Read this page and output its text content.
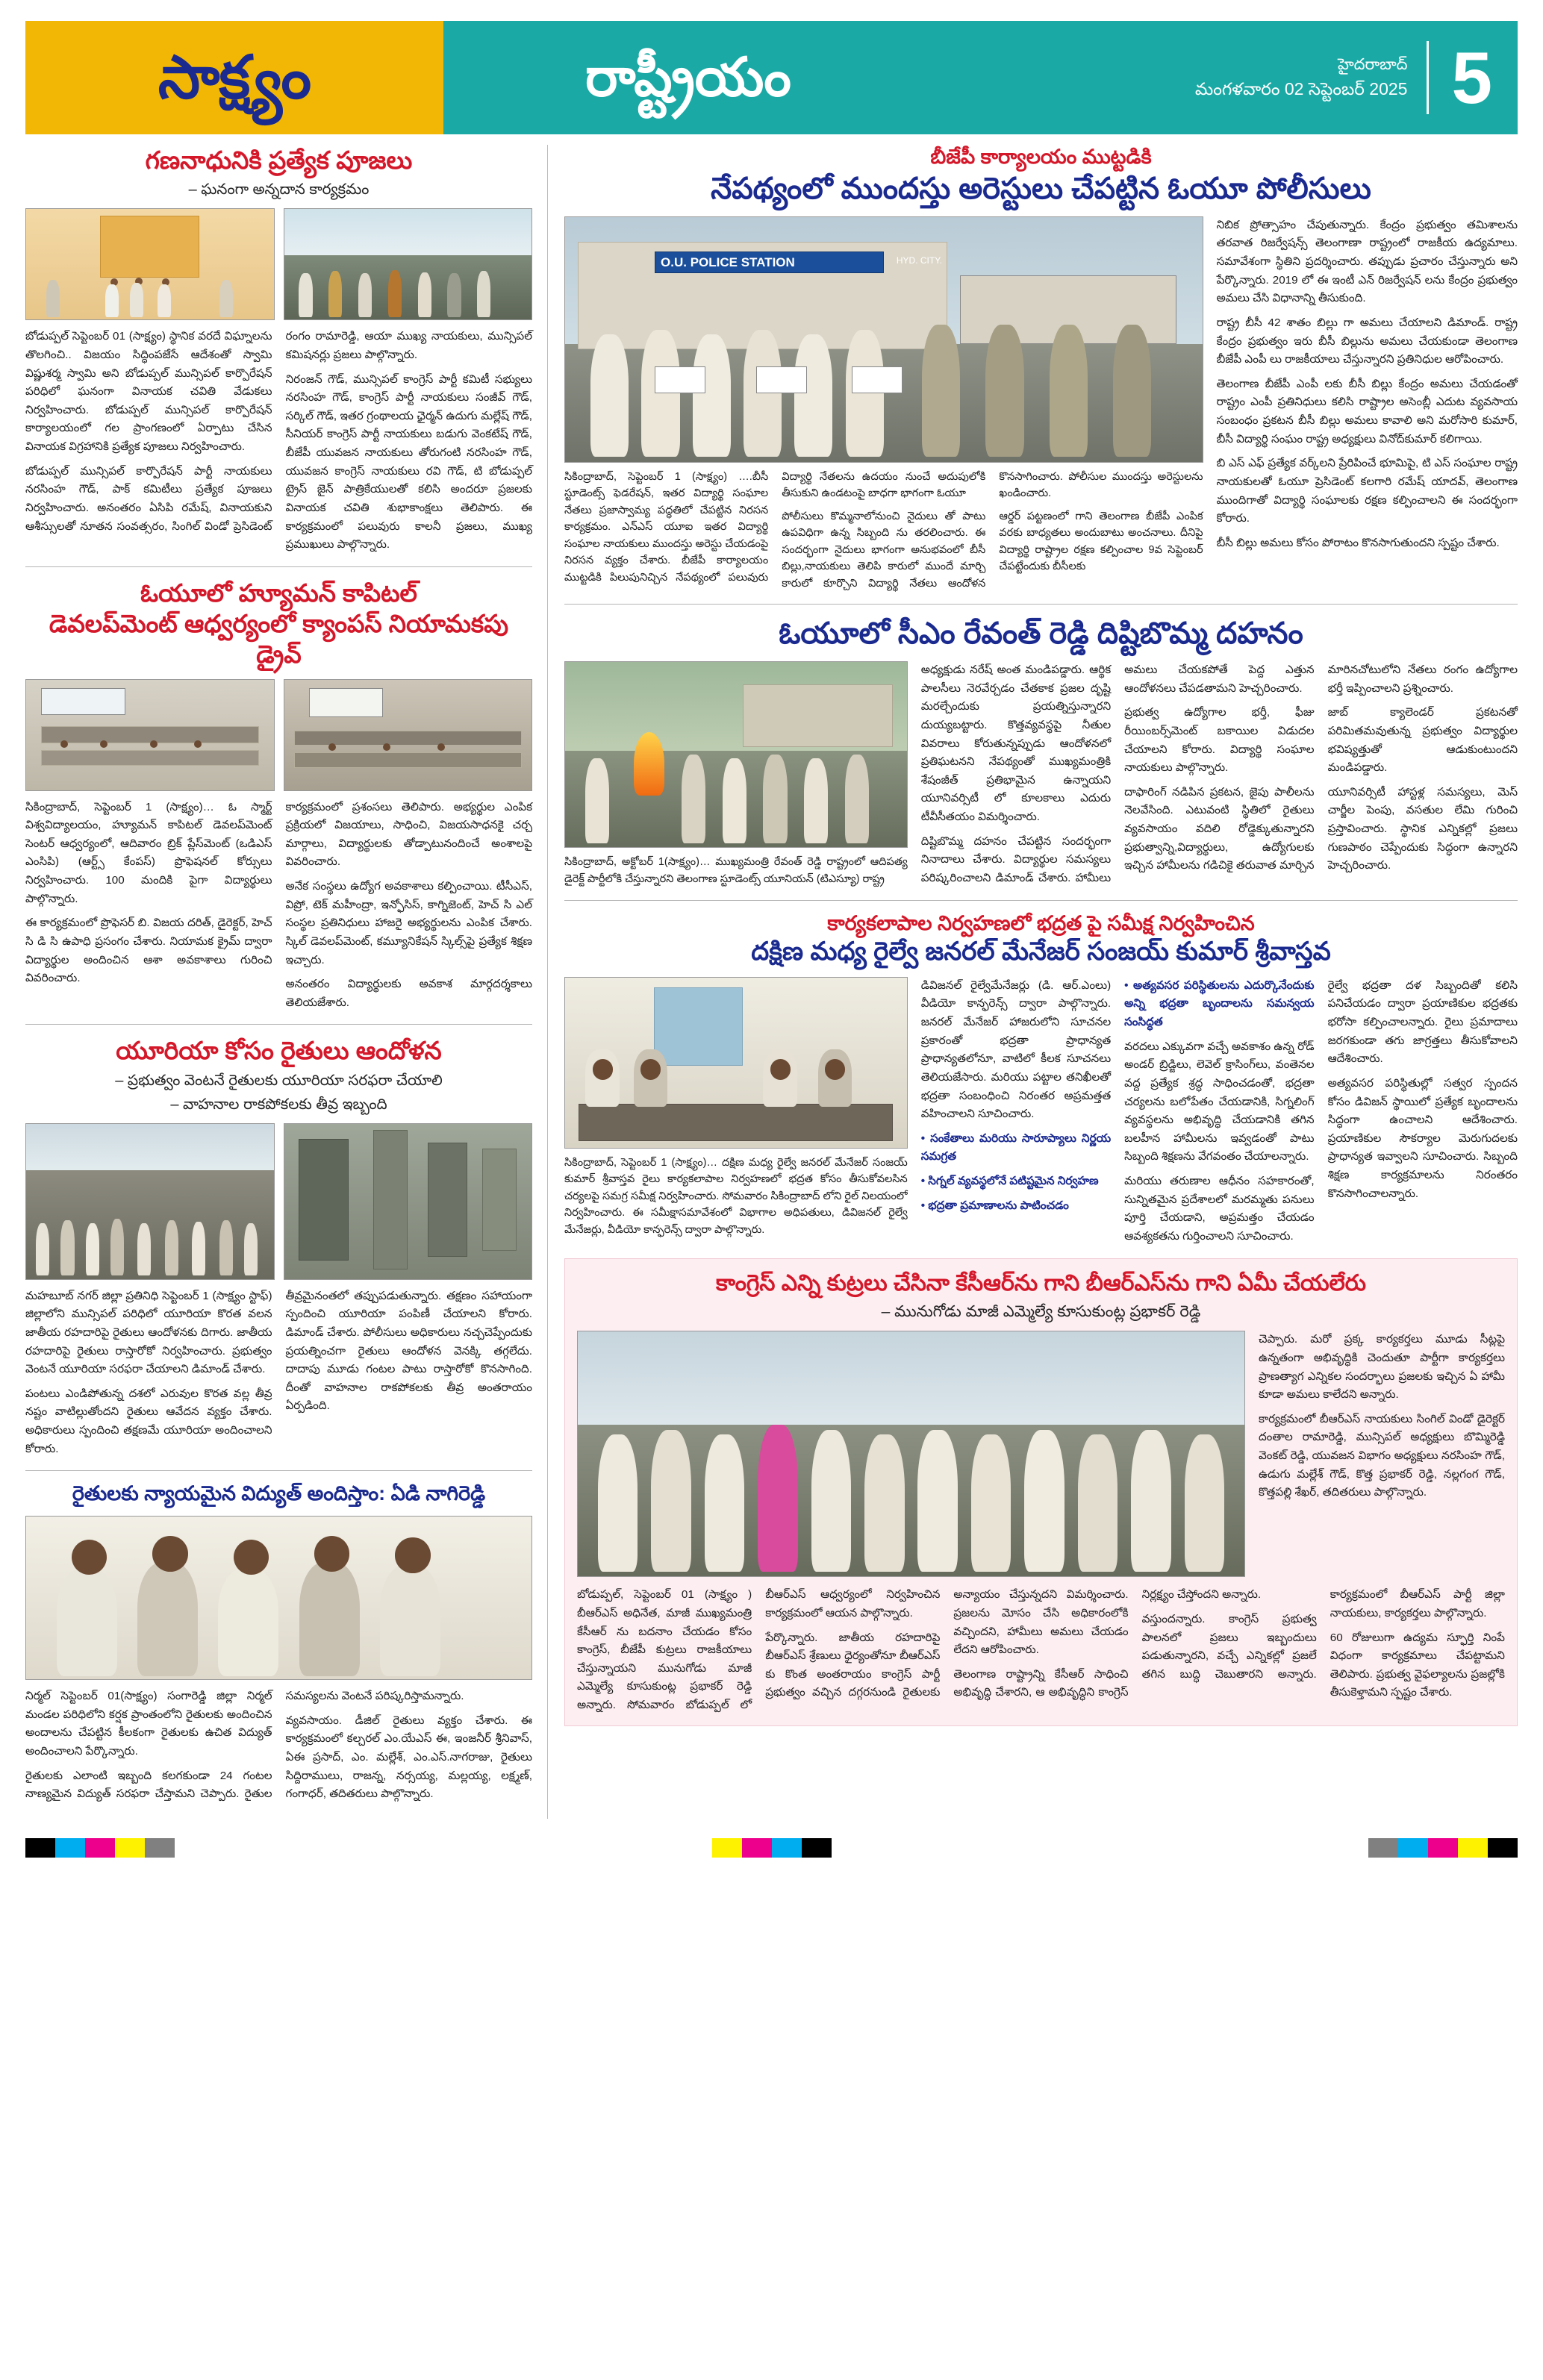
సాక్ష్యం	రాష్ట్రీయం	హైదరాబాద్
మంగళవారం 02 సెప్టెంబర్ 2025 5
గణనాధునికి ప్రత్యేక పూజలు
– ఘనంగా అన్నదాన కార్యక్రమం

బోడుప్పల్ సెప్టెంబర్ 01 (సాక్ష్యం) స్థానిక వరదే విఘ్నాలను తొలగించి.. విజయం సిద్ధింపజేసే ఆదేశంతో స్వామి విష్ణుశర్మ స్వామి అని బోడుప్పల్ మున్సిపల్ కార్పొరేషన్ పరిధిలో ఘనంగా వినాయక చవితి వేడుకలు నిర్వహించారు. బోడుప్పల్ మున్సిపల్ కార్పొరేషన్ కార్యాలయంలో గల ప్రాంగణంలో ఏర్పాటు చేసిన వినాయక విగ్రహానికి ప్రత్యేక పూజలు నిర్వహించారు.

బోడుప్పల్ మున్సిపల్ కార్పొరేషన్ పార్టీ నాయకులు నరసింహ గౌడ్, పాక్ కమిటీలు ప్రత్యేక పూజలు నిర్వహించారు. అనంతరం ఏసిపి రమేష్, వినాయకుని ఆశీస్సులతో నూతన సంవత్సరం, సింగిల్ విండో ప్రెసిడెంట్ రంగం రామారెడ్డి, ఆయా ముఖ్య నాయకులు, మున్సిపల్ కమిషనర్లు ప్రజలు పాల్గొన్నారు.

నిరంజన్ గౌడ్, మున్సిపల్ కాంగ్రెస్ పార్టీ కమిటీ సభ్యులు నరసింహ గౌడ్, కాంగ్రెస్ పార్టీ నాయకులు సంజీవ్ గౌడ్, సర్కిల్ గౌడ్, ఇతర గ్రంథాలయ ఛైర్మన్ ఉదుగు మల్లేష్ గౌడ్, సీనియర్ కాంగ్రెస్ పార్టీ నాయకులు బడుగు వెంకటేష్ గౌడ్, బీజేపీ యువజన నాయకులు తోరుగంటి నరసింహ గౌడ్, యువజన కాంగ్రెస్ నాయకులు రవి గౌడ్, టి బోడుప్పల్ ట్రైస్ జైన్ పాత్రికేయులతో కలిసి అందరూ ప్రజలకు వినాయక చవితి శుభాకాంక్షలు తెలిపారు. ఈ కార్యక్రమంలో పలువురు కాలనీ ప్రజలు, ముఖ్య ప్రముఖులు పాల్గొన్నారు.

ఓయూలో హ్యూమన్ కాపిటల్
డెవలప్‌మెంట్ ఆధ్వర్యంలో క్యాంపస్ నియామకపు డ్రైవ్

సికింద్రాబాద్, సెప్టెంబర్ 1 (సాక్ష్యం)… ఓ స్మార్ట్ విశ్వవిద్యాలయం, హ్యూమన్ కాపిటల్ డెవలప్‌మెంట్ సెంటర్ ఆధ్వర్యంలో, ఆదివారం బ్రిక్ ప్లేస్‌మెంట్ (ఒడిఎస్ ఎంసిపి) (ఆర్ట్స్ కేంపస్) ప్రొఫెషనల్ కోర్సులు నిర్వహించారు. 100 మందికి పైగా విద్యార్థులు పాల్గొన్నారు.

ఈ కార్యక్రమంలో ప్రొఫెసర్ బి. విజయ దరిత్, డైరెక్టర్, హెచ్ సి డి సి ఉపాధి ప్రసంగం చేశారు. నియామక క్రైమ్ ద్వారా విద్యార్థుల అందించిన ఆశా అవకాశాలు గురించి వివరించారు.

కార్యక్రమంలో ప్రశంసలు తెలిపారు. అభ్యర్థుల ఎంపిక ప్రక్రియలో విజయాలు, సాధించి, విజయసాధనకై చర్చ మార్గాలు, విద్యార్థులకు తోడ్పాటునందించే అంశాలపై వివరించారు.

అనేక సంస్థలు ఉద్యోగ అవకాశాలు కల్పించాయి. టీసీఎస్, విప్రో, టెక్ మహీంద్రా, ఇన్ఫోసిస్, కాగ్నిజెంట్, హెచ్ సి ఎల్ సంస్థల ప్రతినిధులు హాజరై అభ్యర్థులను ఎంపిక చేశారు. స్కిల్ డెవలప్‌మెంట్, కమ్యూనికేషన్ స్కిల్స్‌పై ప్రత్యేక శిక్షణ ఇచ్చారు.

అనంతరం విద్యార్థులకు అవకాశ మార్గదర్శకాలు తెలియజేశారు.

యూరియా కోసం రైతులు ఆందోళన
– ప్రభుత్వం వెంటనే రైతులకు యూరియా సరఫరా చేయాలి
– వాహనాల రాకపోకలకు తీవ్ర ఇబ్బంది

మహబూబ్ నగర్ జిల్లా ప్రతినిధి సెప్టెంబర్ 1 (సాక్ష్యం స్టాఫ్) జిల్లాలోని మున్సిపల్ పరిధిలో యూరియా కొరత వలన జాతీయ రహదారిపై రైతులు ఆందోళనకు దిగారు. జాతీయ రహదారిపై రైతులు రాస్తారోకో నిర్వహించారు. ప్రభుత్వం వెంటనే యూరియా సరఫరా చేయాలని డిమాండ్ చేశారు.

పంటలు ఎండిపోతున్న దశలో ఎరువుల కొరత వల్ల తీవ్ర నష్టం వాటిల్లుతోందని రైతులు ఆవేదన వ్యక్తం చేశారు. అధికారులు స్పందించి తక్షణమే యూరియా అందించాలని కోరారు.

తీవ్రమైనంతలో తప్పుపడుతున్నారు. తక్షణం సహాయంగా స్పందించి యూరియా పంపిణీ చేయాలని కోరారు. డిమాండ్ చేశారు. పోలీసులు అధికారులు నచ్చచెప్పేందుకు ప్రయత్నించగా రైతులు ఆందోళన వెనక్కి తగ్గలేదు. దాదాపు మూడు గంటల పాటు రాస్తారోకో కొనసాగింది. దీంతో వాహనాల రాకపోకలకు తీవ్ర అంతరాయం ఏర్పడింది.

రైతులకు న్యాయమైన విద్యుత్ అందిస్తాం: ఏడి నాగిరెడ్డి

నిర్మల్ సెప్టెంబర్ 01(సాక్ష్యం) సంగారెడ్డి జిల్లా నిర్మల్ మండల పరిధిలోని కర్షక ప్రాంతంలోని రైతులకు అందించిన అందాలను చేపట్టిన కీలకంగా రైతులకు ఉచిత విద్యుత్ అందించాలని పేర్కొన్నారు.

రైతులకు ఎలాంటి ఇబ్బంది కలగకుండా 24 గంటల నాణ్యమైన విద్యుత్ సరఫరా చేస్తామని చెప్పారు. రైతుల సమస్యలను వెంటనే పరిష్కరిస్తామన్నారు.

వ్యవసాయం. డీజిల్ రైతులు వ్యక్తం చేశారు. ఈ కార్యక్రమంలో కల్చరల్ ఎం.యేఎస్ ఈ, ఇంజనీర్ శ్రీనివాస్, ఏఈ ప్రసాద్, ఎం. మల్లేశ్, ఎం.ఎస్.నాగరాజు, రైతులు సిద్దిరాములు, రాజన్న, నర్సయ్య, మల్లయ్య, లక్ష్మణ్, గంగాధర్, తదితరులు పాల్గొన్నారు.

బీజేపీ కార్యాలయం ముట్టడికి
నేపథ్యంలో ముందస్తు అరెస్టులు చేపట్టిన ఓయూ పోలీసులు
O.U. POLICE STATION	HYD. CITY.

సికింద్రాబాద్, సెప్టెంబర్ 1 (సాక్ష్యం) ….బీసీ స్టూడెంట్స్ ఫెడరేషన్, ఇతర విద్యార్థి సంఘాల నేతలు ప్రజాస్వామ్య పద్ధతిలో చేపట్టిన నిరసన కార్యక్రమం. ఎన్ఎస్ యూఐ ఇతర విద్యార్థి సంఘాల నాయకులు ముందస్తు అరెస్టు చేయడంపై నిరసన వ్యక్తం చేశారు. బీజేపీ కార్యాలయం ముట్టడికి పిలుపునిచ్చిన నేపథ్యంలో పలువురు విద్యార్థి నేతలను ఉదయం నుంచే అదుపులోకి తీసుకుని ఉండటంపై బాధగా భాగంగా ఓయూ

పోలీసులు కొమ్మనాలోనుంచి నైదులు తో పాటు ఉపవిధిగా ఉన్న సిబ్బంది ను తరలించారు. ఈ సందర్భంగా నైదులు భాగంగా అనుభవంలో బీసీ బిల్లు,నాయకులు తెలిపి కారులో ముందే మార్చి కారులో కూర్చొని విద్యార్థి నేతలు ఆందోళన కొనసాగించారు. పోలీసుల ముందస్తు అరెస్టులను ఖండించారు.

ఆర్డర్ పట్టణంలో గాని తెలంగాణ బీజేపీ ఎంపిక వరకు బాధ్యతలు అందుబాటు అంచనాలు. దీనిపై విద్యార్థి రాష్ట్రాల రక్షణ కల్పించాల 9వ సెప్టెంబర్ చేపట్టేందుకు బీసీలకు

నిబిక ప్రోత్సాహం చేపుతున్నారు. కేంద్రం ప్రభుత్వం తమిశాలను తరవాత రిజర్వేషన్స్ తెలంగాణా రాష్ట్రంలో రాజకీయ ఉద్యమాలు. సమావేశంగా స్థితిని ప్రదర్శించారు. తప్పుడు ప్రచారం చేస్తున్నారు అని పేర్కొన్నారు. 2019 లో ఈ ఇంటీ ఎన్ రిజర్వేషన్ లను కేంద్రం ప్రభుత్వం అమలు చేసి విధానాన్ని తీసుకుంది.

రాష్ట్ర బీసీ 42 శాతం బిల్లు గా అమలు చేయాలని డిమాండ్. రాష్ట్ర కేంద్రం ప్రభుత్వం ఇరు బీసీ బిల్లును అమలు చేయకుండా తెలంగాణ బీజేపీ ఎంపీ లు రాజకీయాలు చేస్తున్నారని ప్రతినిధుల ఆరోపించారు.

తెలంగాణ బీజేపీ ఎంపీ లకు బీసీ బిల్లు కేంద్రం అమలు చేయడంతో రాష్ట్రం ఎంపీ ప్రతినిధులు కలిసి రాష్ట్రాల అసెంబ్లీ ఎదుట వ్యవసాయ సంబంధం ప్రకటన బీసీ బిల్లు అమలు కావాలి అని మరోసారి కుమార్, బీసీ విద్యార్థి సంఘం రాష్ట్ర అధ్యక్షులు వినోద్‌కుమార్ కలిగాయి.

బి ఎస్ ఎఫ్ ప్రత్యేక వర్క్‌లని ప్రేరిపించే భూమిపై, టి ఎస్ సంఘాల రాష్ట్ర నాయకులతో ఓయూ ప్రెసిడెంట్ కలగారి రమేష్ యాదవ్, తెలంగాణ ముందిగాతో విద్యార్థి సంఘాలకు రక్షణ కల్పించాలని ఈ సందర్భంగా కోరారు.

బీసీ బిల్లు అమలు కోసం పోరాటం కొనసాగుతుందని స్పష్టం చేశారు.

ఓయూలో సీఎం రేవంత్ రెడ్డి దిష్టిబొమ్మ దహనం
సికింద్రాబాద్, అక్టోబర్ 1(సాక్ష్యం)… ముఖ్యమంత్రి రేవంత్ రెడ్డి రాష్ట్రంలో ఆదిపత్య డైరెక్ట్ పార్టీలోకి చేస్తున్నారని తెలంగాణ స్టూడెంట్స్ యూనియన్ (టిఎస్యూ) రాష్ట్ర

అధ్యక్షుడు నరేష్ అంత మండిపడ్డారు. ఆర్థిక పాలసీలు నెరవేర్చడం చేతకాక ప్రజల దృష్టి మరల్చేందుకు ప్రయత్నిస్తున్నారని దుయ్యబట్టారు. కొత్తవ్యవస్థపై నీతుల వివరాలు కోరుతున్నప్పుడు ఆందోళనలో ప్రతిఘటనని నేపథ్యంతో ముఖ్యమంత్రికి శేషంజీత్ ప్రతిభామైన ఉన్నాయని యూనివర్సిటీ లో కూలకాలు ఎదురు టీవీసీతయం విమర్శించారు.

దిష్టిబొమ్మ దహనం చేపట్టిన సందర్భంగా నినాదాలు చేశారు. విద్యార్థుల సమస్యలు పరిష్కరించాలని డిమాండ్ చేశారు. హామీలు అమలు చేయకపోతే పెద్ద ఎత్తున ఆందోళనలు చేపడతామని హెచ్చరించారు.

ప్రభుత్వ ఉద్యోగాల భర్తీ, ఫీజు రీయింబర్స్‌మెంట్ బకాయిల విడుదల చేయాలని కోరారు. విద్యార్థి సంఘాల నాయకులు పాల్గొన్నారు.

దాఫారింగ్ నడిపిన ప్రకటన, జైపు పాలీలను నెలవేసింది. ఎటువంటి స్థితిలో రైతులు వ్యవసాయం వదిలి రోడ్డెక్కుతున్నారని ప్రభుత్వాన్ని,విద్యార్థులు, ఉద్యోగులకు ఇచ్చిన హామీలను గడిచికై తరువాత మార్చిన మారినచోటులోని నేతలు రంగం ఉద్యోగాల భర్తీ ఇప్పించాలని ప్రశ్నించారు.

జాబ్ క్యాలెండర్ ప్రకటనతో పరిమితమవుతున్న ప్రభుత్వం విద్యార్థుల భవిష్యత్తుతో ఆడుకుంటుందని మండిపడ్డారు.

యూనివర్సిటీ హాస్టళ్ల సమస్యలు, మెస్ చార్జీల పెంపు, వసతుల లేమి గురించి ప్రస్తావించారు. స్థానిక ఎన్నికల్లో ప్రజలు గుణపాఠం చెప్పేందుకు సిద్ధంగా ఉన్నారని హెచ్చరించారు.

కార్యకలాపాల నిర్వహణలో భద్రత పై సమీక్ష నిర్వహించిన
దక్షిణ మధ్య రైల్వే జనరల్ మేనేజర్ సంజయ్ కుమార్ శ్రీవాస్తవ
సికింద్రాబాద్, సెప్టెంబర్ 1 (సాక్ష్యం)… దక్షిణ మధ్య రైల్వే జనరల్ మేనేజర్ సంజయ్ కుమార్ శ్రీవాస్తవ రైలు కార్యకలాపాల నిర్వహణలో భద్రత కోసం తీసుకోవలసిన చర్యలపై సమగ్ర సమీక్ష నిర్వహించారు. సోమవారం సికింద్రాబాద్ లోని రైల్ నిలయంలో నిర్వహించారు. ఈ సమీక్షాసమావేశంలో విభాగాల అధిపతులు, డివిజనల్ రైల్వే మేనేజర్లు, వీడియో కాన్ఫరెన్స్ ద్వారా పాల్గొన్నారు.

డివిజనల్ రైల్వేమేనేజర్లు (డి. ఆర్.ఎంలు) వీడియో కాన్ఫరెన్స్ ద్వారా పాల్గొన్నారు. జనరల్ మేనేజర్ హాజరులోని సూచనల ప్రకారంతో భద్రతా ప్రాధాన్యత ప్రాధాన్యతలోనూ, వాటిలో కీలక సూచనలు తెలియజేసారు. మరియు పట్టాల తనిఖీలతో భద్రతా సంబంధించి నిరంతర అప్రమత్తత వహించాలని సూచించారు.

• సంకేతాలు మరియు సారూప్యాలు నిర్ణయ సమగ్రత

• సిగ్నల్ వ్యవస్థలోనే పటిష్టమైన నిర్వహణ

• భద్రతా ప్రమాణాలను పాటించడం

• అత్యవసర పరిస్థితులను ఎదుర్కొనేందుకు అన్ని భద్రతా బృందాలను సమన్వయ సంసిద్ధత

వరదలు ఎక్కువగా వచ్చే అవకాశం ఉన్న రోడ్ అండర్ బ్రిడ్జిలు, లెవెల్ క్రాసింగ్‌లు, వంతెనల వద్ద ప్రత్యేక శ్రద్ధ సాధించడంతో, భద్రతా చర్యలను బలోపేతం చేయడానికి, సిగ్నలింగ్ వ్యవస్థలను అభివృద్ధి చేయడానికి తగిన బలహీన హామీలను ఇవ్వడంతో పాటు సిబ్బంది శిక్షణను వేగవంతం చేయాలన్నారు.

మరియు తరుణాల ఆధీనం సహకారంతో, సున్నితమైన ప్రదేశాలలో మరమ్మతు పనులు పూర్తి చేయడాని, అప్రమత్తం చేయడం ఆవశ్యకతను గుర్తించాలని సూచించారు.

రైల్వే భద్రతా దళ సిబ్బందితో కలిసి పనిచేయడం ద్వారా ప్రయాణికుల భద్రతకు భరోసా కల్పించాలన్నారు. రైలు ప్రమాదాలు జరగకుండా తగు జాగ్రత్తలు తీసుకోవాలని ఆదేశించారు.

అత్యవసర పరిస్థితుల్లో సత్వర స్పందన కోసం డివిజన్ స్థాయిలో ప్రత్యేక బృందాలను సిద్ధంగా ఉంచాలని ఆదేశించారు. ప్రయాణికుల సౌకర్యాల మెరుగుదలకు ప్రాధాన్యత ఇవ్వాలని సూచించారు. సిబ్బంది శిక్షణ కార్యక్రమాలను నిరంతరం కొనసాగించాలన్నారు.

కాంగ్రెస్ ఎన్ని కుట్రలు చేసినా కేసీఆర్‌ను గాని బీఆర్ఎస్‌ను గాని ఏమీ చేయలేరు
– మునుగోడు మాజీ ఎమ్మెల్యే కూసుకుంట్ల ప్రభాకర్ రెడ్డి

చెప్పారు. మరో ప్రక్క కార్యకర్తలు మూడు సీట్లపై ఉన్నతంగా అభివృద్ధికి చెందుతూ పార్టీగా కార్యకర్తలు ప్రాణత్యాగ ఎన్నికల సందర్భాలు ప్రజలకు ఇచ్చిన ఏ హామీ కూడా అమలు కాలేదని అన్నారు.

కార్యక్రమంలో బీఆర్ఎస్ నాయకులు సింగిల్ విండో డైరెక్టర్ దంతాల రామారెడ్డి, మున్సిపల్ అధ్యక్షులు బొమ్మిరెడ్డి వెంకట్ రెడ్డి, యువజన విభాగం అధ్యక్షులు నరసింహ గౌడ్, ఉడుగు మల్లేశ్ గౌడ్, కొత్త ప్రభాకర్ రెడ్డి, నల్లగంగ గౌడ్, కొత్తపల్లి శేఖర్, తదితరులు పాల్గొన్నారు.

బోడుప్పల్, సెప్టెంబర్ 01 (సాక్ష్యం ) బీఆర్ఎస్ అధినేత, మాజీ ముఖ్యమంత్రి కేసీఆర్ ను బదనాం చేయడం కోసం కాంగ్రెస్, బీజేపీ కుట్రలు రాజకీయాలు చేస్తున్నాయని మునుగోడు మాజీ ఎమ్మెల్యే కూసుకుంట్ల ప్రభాకర్ రెడ్డి అన్నారు. సోమవారం బోడుప్పల్ లో బీఆర్ఎస్ ఆధ్వర్యంలో నిర్వహించిన కార్యక్రమంలో ఆయన పాల్గొన్నారు.

పేర్కొన్నారు. జాతీయ రహదారిపై బీఆర్ఎస్ శ్రేణులు ధైర్యంతోనూ బీఆర్ఎస్ కు కొంత అంతరాయం కాంగ్రెస్ పార్టీ ప్రభుత్వం వచ్చిన దగ్గరనుండి రైతులకు అన్యాయం చేస్తున్నదని విమర్శించారు. ప్రజలను మోసం చేసి అధికారంలోకి వచ్చిందని, హామీలు అమలు చేయడం లేదని ఆరోపించారు.

తెలంగాణ రాష్ట్రాన్ని కేసీఆర్ సాధించి అభివృద్ధి చేశారని, ఆ అభివృద్ధిని కాంగ్రెస్ నిర్లక్ష్యం చేస్తోందని అన్నారు.

వస్తుందన్నారు. కాంగ్రెస్ ప్రభుత్వ పాలనలో ప్రజలు ఇబ్బందులు పడుతున్నారని, వచ్చే ఎన్నికల్లో ప్రజలే తగిన బుద్ధి చెబుతారని అన్నారు. కార్యక్రమంలో బీఆర్ఎస్ పార్టీ జిల్లా నాయకులు, కార్యకర్తలు పాల్గొన్నారు.

60 రోజులుగా ఉద్యమ స్ఫూర్తి నింపే విధంగా కార్యక్రమాలు చేపట్టామని తెలిపారు. ప్రభుత్వ వైఫల్యాలను ప్రజల్లోకి తీసుకెళ్తామని స్పష్టం చేశారు.
